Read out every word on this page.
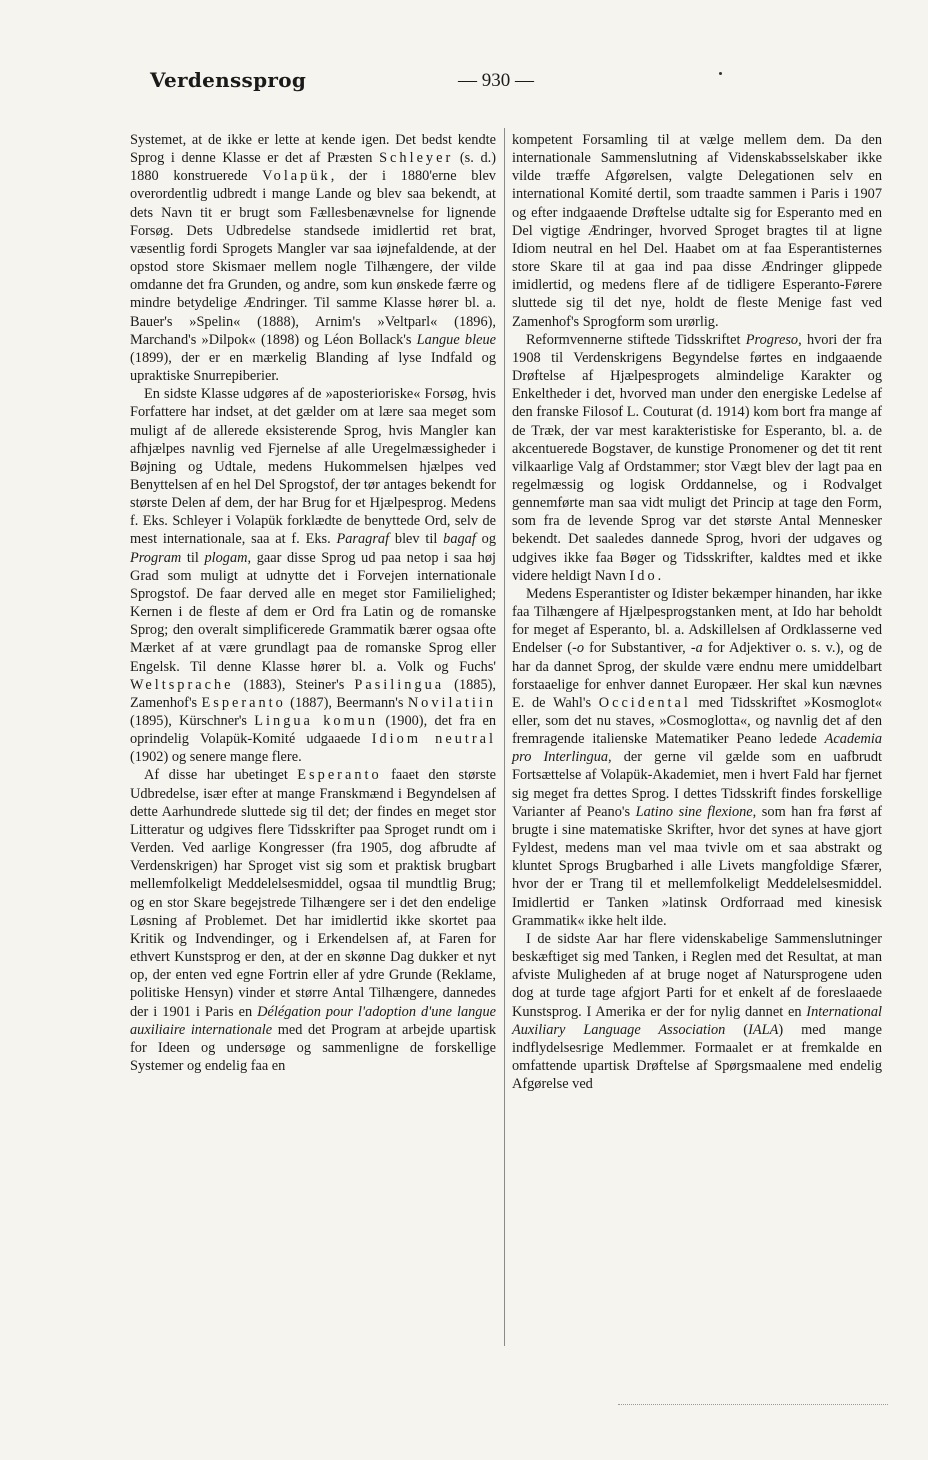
Verdenssprog	— 930 —

Systemet, at de ikke er lette at kende igen. Det bedst kendte Sprog i denne Klasse er det af Præsten Schleyer (s. d.) 1880 konstruerede Volapük, der i 1880'erne blev overordentlig udbredt i mange Lande og blev saa bekendt, at dets Navn tit er brugt som Fællesbenævnelse for lignende Forsøg. Dets Udbredelse standsede imidlertid ret brat, væsentlig fordi Sprogets Mangler var saa iøjnefaldende, at der opstod store Skismaer mellem nogle Tilhængere, der vilde omdanne det fra Grunden, og andre, som kun ønskede færre og mindre betydelige Ændringer. Til samme Klasse hører bl. a. Bauer's »Spelin« (1888), Arnim's »Veltparl« (1896), Marchand's »Dilpok« (1898) og Léon Bollack's Langue bleue (1899), der er en mærkelig Blanding af lyse Indfald og upraktiske Snurrepiberier.

En sidste Klasse udgøres af de »aposterioriske« Forsøg, hvis Forfattere har indset, at det gælder om at lære saa meget som muligt af de allerede eksisterende Sprog, hvis Mangler kan afhjælpes navnlig ved Fjernelse af alle Uregelmæssigheder i Bøjning og Udtale, medens Hukommelsen hjælpes ved Benyttelsen af en hel Del Sprogstof, der tør antages bekendt for største Delen af dem, der har Brug for et Hjælpesprog. Medens f. Eks. Schleyer i Volapük forklædte de benyttede Ord, selv de mest internationale, saa at f. Eks. Paragraf blev til bagaf og Program til plogam, gaar disse Sprog ud paa netop i saa høj Grad som muligt at udnytte det i Forvejen internationale Sprogstof. De faar derved alle en meget stor Familielighed; Kernen i de fleste af dem er Ord fra Latin og de romanske Sprog; den overalt simplificerede Grammatik bærer ogsaa ofte Mærket af at være grundlagt paa de romanske Sprog eller Engelsk. Til denne Klasse hører bl. a. Volk og Fuchs' Weltsprache (1883), Steiner's Pasilingua (1885), Zamenhof's Esperanto (1887), Beermann's Novilatiin (1895), Kürschner's Lingua komun (1900), det fra en oprindelig Volapük-Komité udgaaede Idiom neutral (1902) og senere mange flere.

Af disse har ubetinget Esperanto faaet den største Udbredelse, især efter at mange Franskmænd i Begyndelsen af dette Aarhundrede sluttede sig til det; der findes en meget stor Litteratur og udgives flere Tidsskrifter paa Sproget rundt om i Verden. Ved aarlige Kongresser (fra 1905, dog afbrudte af Verdenskrigen) har Sproget vist sig som et praktisk brugbart mellemfolkeligt Meddelelsesmiddel, ogsaa til mundtlig Brug; og en stor Skare begejstrede Tilhængere ser i det den endelige Løsning af Problemet. Det har imidlertid ikke skortet paa Kritik og Indvendinger, og i Erkendelsen af, at Faren for ethvert Kunstsprog er den, at der en skønne Dag dukker et nyt op, der enten ved egne Fortrin eller af ydre Grunde (Reklame, politiske Hensyn) vinder et større Antal Tilhængere, dannedes der i 1901 i Paris en Délégation pour l'adoption d'une langue auxiliaire internationale med det Program at arbejde upartisk for Ideen og undersøge og sammenligne de forskellige Systemer og endelig faa en

kompetent Forsamling til at vælge mellem dem. Da den internationale Sammenslutning af Videnskabsselskaber ikke vilde træffe Afgørelsen, valgte Delegationen selv en international Komité dertil, som traadte sammen i Paris i 1907 og efter indgaaende Drøftelse udtalte sig for Esperanto med en Del vigtige Ændringer, hvorved Sproget bragtes til at ligne Idiom neutral en hel Del. Haabet om at faa Esperantisternes store Skare til at gaa ind paa disse Ændringer glippede imidlertid, og medens flere af de tidligere Esperanto-Førere sluttede sig til det nye, holdt de fleste Menige fast ved Zamenhof's Sprogform som urørlig.

Reformvennerne stiftede Tidsskriftet Progreso, hvori der fra 1908 til Verdenskrigens Begyndelse førtes en indgaaende Drøftelse af Hjælpesprogets almindelige Karakter og Enkeltheder i det, hvorved man under den energiske Ledelse af den franske Filosof L. Couturat (d. 1914) kom bort fra mange af de Træk, der var mest karakteristiske for Esperanto, bl. a. de akcentuerede Bogstaver, de kunstige Pronomener og det tit rent vilkaarlige Valg af Ordstammer; stor Vægt blev der lagt paa en regelmæssig og logisk Orddannelse, og i Rodvalget gennemførte man saa vidt muligt det Princip at tage den Form, som fra de levende Sprog var det største Antal Mennesker bekendt. Det saaledes dannede Sprog, hvori der udgaves og udgives ikke faa Bøger og Tidsskrifter, kaldtes med et ikke videre heldigt Navn Ido.

Medens Esperantister og Idister bekæmper hinanden, har ikke faa Tilhængere af Hjælpesprogstanken ment, at Ido har beholdt for meget af Esperanto, bl. a. Adskillelsen af Ordklasserne ved Endelser (-o for Substantiver, -a for Adjektiver o. s. v.), og de har da dannet Sprog, der skulde være endnu mere umiddelbart forstaaelige for enhver dannet Europæer. Her skal kun nævnes E. de Wahl's Occidental med Tidsskriftet »Kosmoglot« eller, som det nu staves, »Cosmoglotta«, og navnlig det af den fremragende italienske Matematiker Peano ledede Academia pro Interlingua, der gerne vil gælde som en uafbrudt Fortsættelse af Volapük-Akademiet, men i hvert Fald har fjernet sig meget fra dettes Sprog. I dettes Tidsskrift findes forskellige Varianter af Peano's Latino sine flexione, som han fra først af brugte i sine matematiske Skrifter, hvor det synes at have gjort Fyldest, medens man vel maa tvivle om et saa abstrakt og kluntet Sprogs Brugbarhed i alle Livets mangfoldige Sfærer, hvor der er Trang til et mellemfolkeligt Meddelelsesmiddel. Imidlertid er Tanken »latinsk Ordforraad med kinesisk Grammatik« ikke helt ilde.

I de sidste Aar har flere videnskabelige Sammenslutninger beskæftiget sig med Tanken, i Reglen med det Resultat, at man afviste Muligheden af at bruge noget af Natursprogene uden dog at turde tage afgjort Parti for et enkelt af de foreslaaede Kunstsprog. I Amerika er der for nylig dannet en International Auxiliary Language Association (IALA) med mange indflydelsesrige Medlemmer. Formaalet er at fremkalde en omfattende upartisk Drøftelse af Spørgsmaalene med endelig Afgørelse ved
